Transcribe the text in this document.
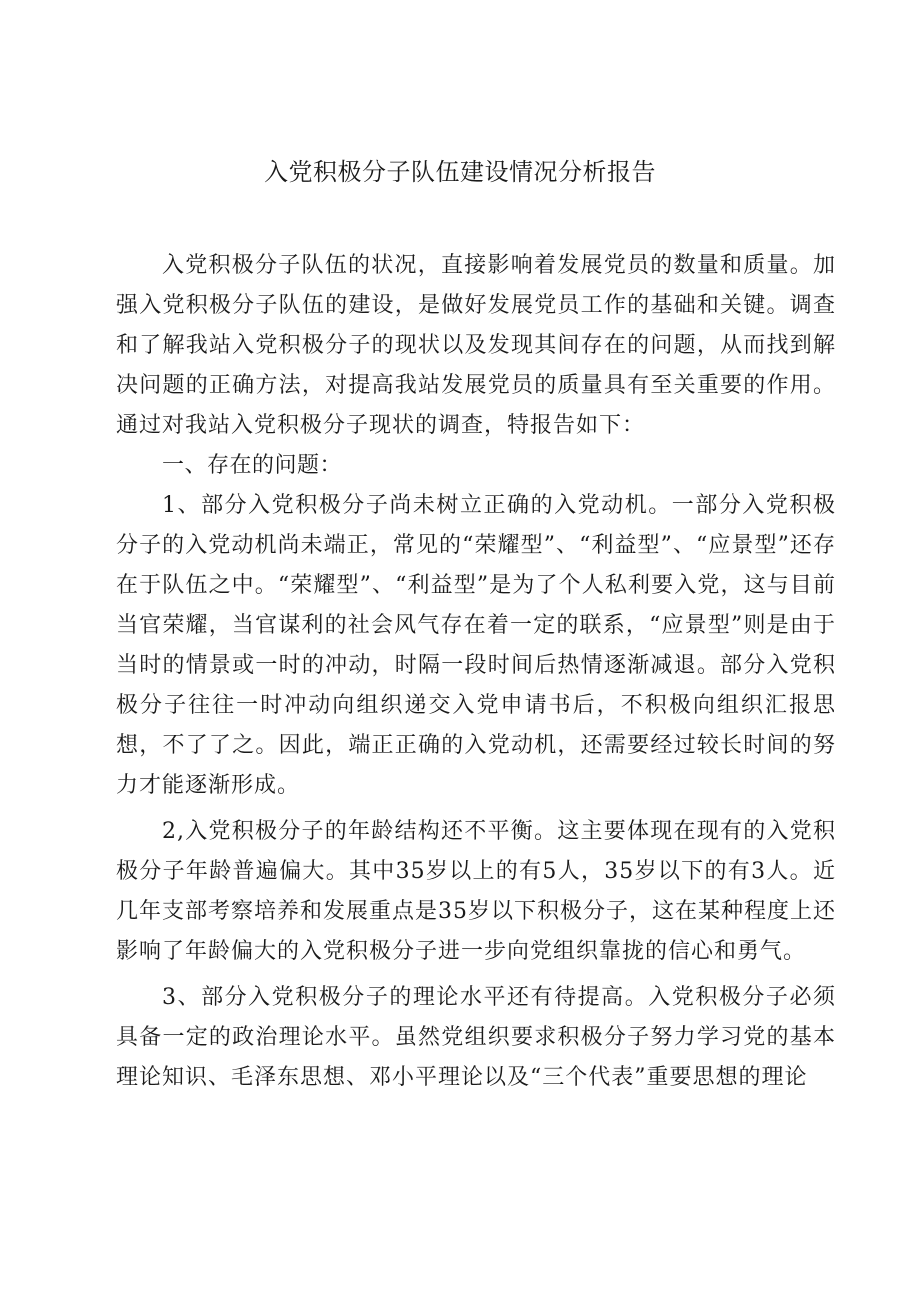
入党积极分子队伍建设情况分析报告

入党积极分子队伍的状况，直接影响着发展党员的数量和质量。加强入党积极分子队伍的建设，是做好发展党员工作的基础和关键。调查和了解我站入党积极分子的现状以及发现其间存在的问题，从而找到解决问题的正确方法，对提高我站发展党员的质量具有至关重要的作用。通过对我站入党积极分子现状的调查，特报告如下：

一、存在的问题：

1、部分入党积极分子尚未树立正确的入党动机。一部分入党积极分子的入党动机尚未端正，常见的“荣耀型”、“利益型”、“应景型”还存在于队伍之中。“荣耀型”、“利益型”是为了个人私利要入党，这与目前当官荣耀，当官谋利的社会风气存在着一定的联系，“应景型”则是由于当时的情景或一时的冲动，时隔一段时间后热情逐渐减退。部分入党积极分子往往一时冲动向组织递交入党申请书后，不积极向组织汇报思想，不了了之。因此，端正正确的入党动机，还需要经过较长时间的努力才能逐渐形成。

2,入党积极分子的年龄结构还不平衡。这主要体现在现有的入党积极分子年龄普遍偏大。其中35岁以上的有5人，35岁以下的有3人。近几年支部考察培养和发展重点是35岁以下积极分子，这在某种程度上还影响了年龄偏大的入党积极分子进一步向党组织靠拢的信心和勇气。

3、部分入党积极分子的理论水平还有待提高。入党积极分子必须具备一定的政治理论水平。虽然党组织要求积极分子努力学习党的基本理论知识、毛泽东思想、邓小平理论以及“三个代表”重要思想的理论
